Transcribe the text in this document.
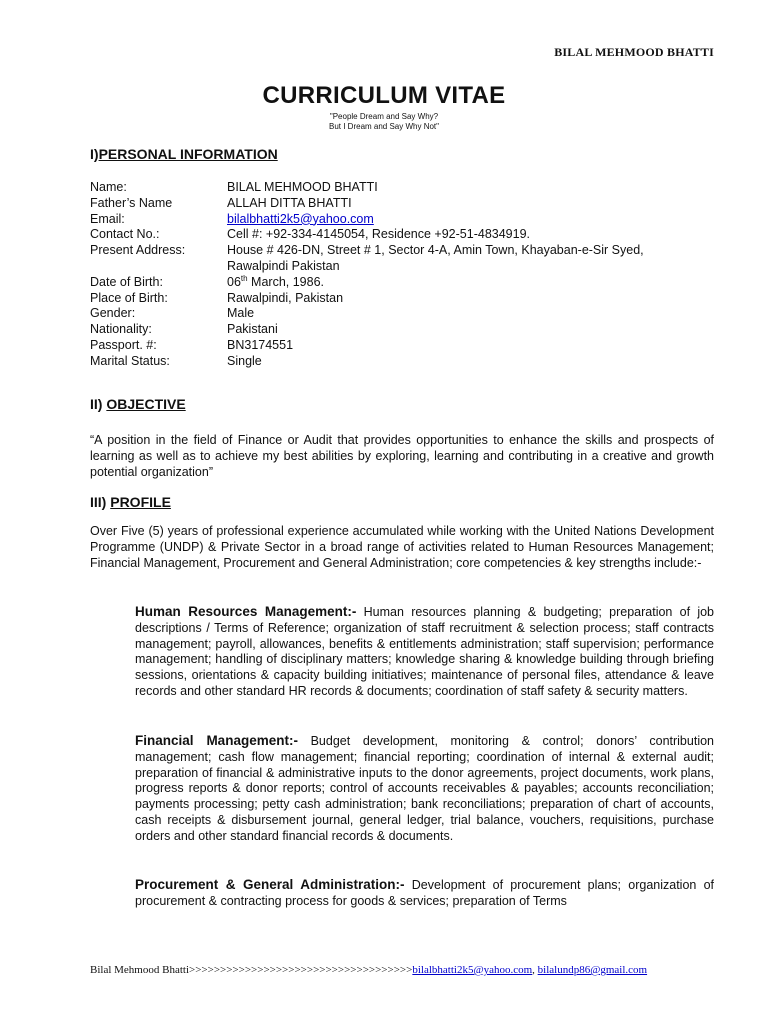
BILAL MEHMOOD BHATTI
CURRICULUM VITAE
"People Dream and Say Why?
But I Dream and Say Why Not"
I)PERSONAL INFORMATION
Name:	BILAL MEHMOOD BHATTI
Father’s Name	ALLAH DITTA BHATTI
Email:	bilalbhatti2k5@yahoo.com
Contact No.:	Cell #: +92-334-4145054, Residence +92-51-4834919.
Present Address:	House # 426-DN, Street # 1, Sector 4-A, Amin Town, Khayaban-e-Sir Syed,
Rawalpindi Pakistan
Date of Birth:	06th March, 1986.
Place of Birth:	Rawalpindi, Pakistan
Gender:	Male
Nationality:	Pakistani
Passport. #:	BN3174551
Marital Status:	Single
II) OBJECTIVE
“A position in the field of Finance or Audit that provides opportunities to enhance the skills and prospects of learning as well as to achieve my best abilities by exploring, learning and contributing in a creative and growth potential organization”
III) PROFILE
Over Five (5) years of professional experience accumulated while working with the United Nations Development Programme (UNDP) & Private Sector in a broad range of activities related to Human Resources Management; Financial Management, Procurement and General Administration; core competencies & key strengths include:-
Human Resources Management:- Human resources planning & budgeting; preparation of job descriptions / Terms of Reference; organization of staff recruitment & selection process; staff contracts management; payroll, allowances, benefits & entitlements administration; staff supervision; performance management; handling of disciplinary matters; knowledge sharing & knowledge building through briefing sessions, orientations & capacity building initiatives; maintenance of personal files, attendance & leave records and other standard HR records & documents; coordination of staff safety & security matters.
Financial Management:- Budget development, monitoring & control; donors’ contribution management; cash flow management; financial reporting; coordination of internal & external audit; preparation of financial & administrative inputs to the donor agreements, project documents, work plans, progress reports & donor reports; control of accounts receivables & payables; accounts reconciliation; payments processing; petty cash administration; bank reconciliations; preparation of chart of accounts, cash receipts & disbursement journal, general ledger, trial balance, vouchers, requisitions, purchase orders and other standard financial records & documents.
Procurement & General Administration:- Development of procurement plans; organization of procurement & contracting process for goods & services; preparation of Terms
Bilal Mehmood Bhatti>>>>>>>>>>>>>>>>>>>>>>>>>>>>>>>>>>>>bilalbhatti2k5@yahoo.com, bilalundp86@gmail.com
